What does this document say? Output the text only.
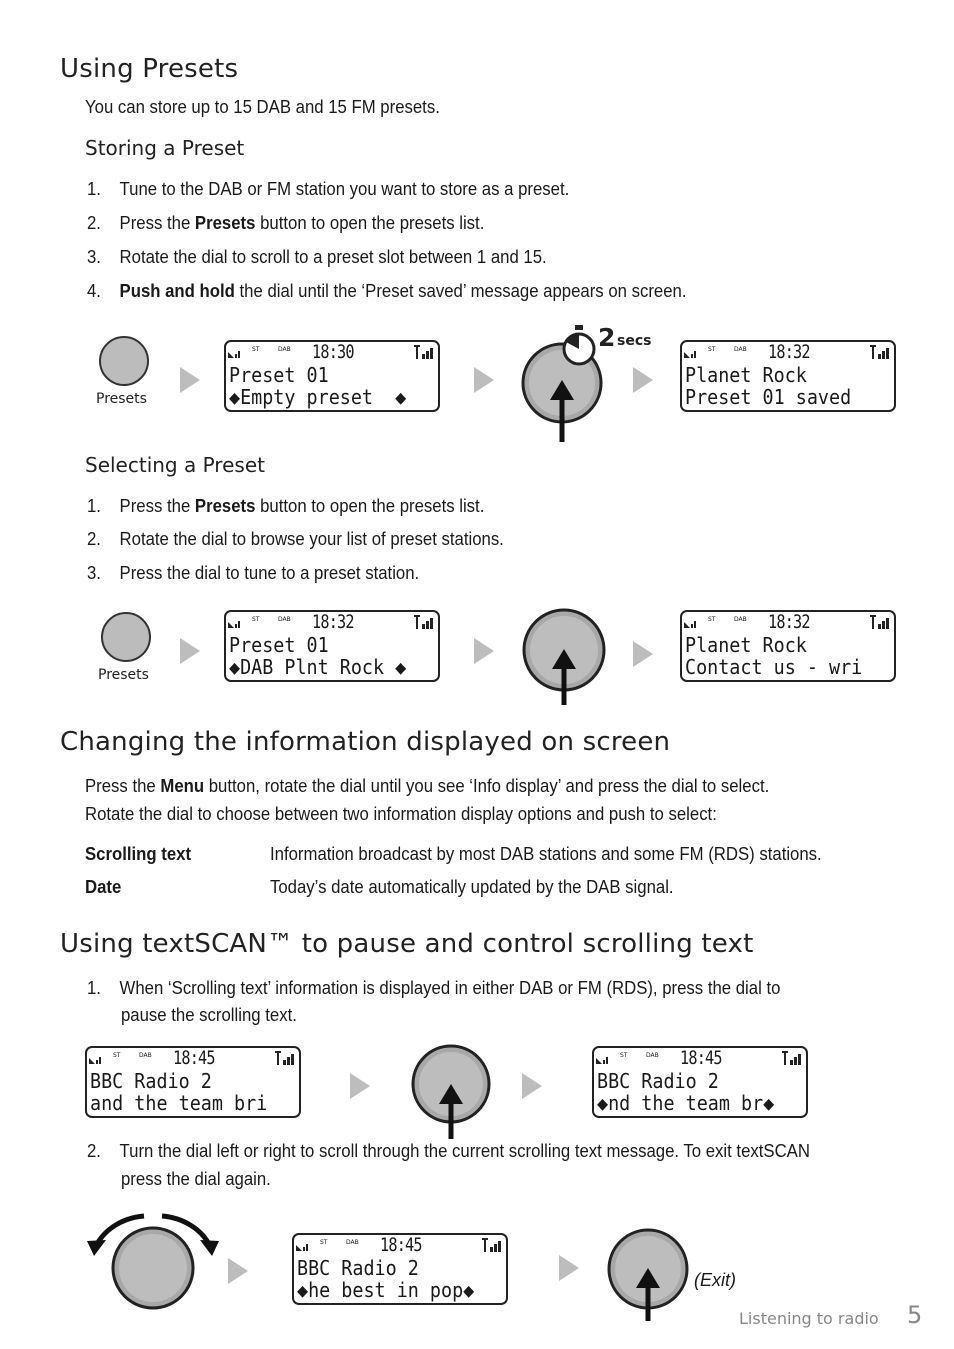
Using Presets
You can store up to 15 DAB and 15 FM presets.
Storing a Preset
1. Tune to the DAB or FM station you want to store as a preset.
2. Press the Presets button to open the presets list.
3. Rotate the dial to scroll to a preset slot between 1 and 15.
4. Push and hold the dial until the ‘Preset saved’ message appears on screen.
Presets
ST	DAB 18:30
Preset 01
◆Empty preset  ◆
2 secs
ST	DAB 18:32
Planet Rock
Preset 01 saved
Selecting a Preset
1. Press the Presets button to open the presets list.
2. Rotate the dial to browse your list of preset stations.
3. Press the dial to tune to a preset station.
Presets
ST	DAB 18:32
Preset 01
◆DAB Plnt Rock ◆
ST	DAB 18:32
Planet Rock
Contact us - wri
Changing the information displayed on screen
Press the Menu button, rotate the dial until you see ‘Info display’ and press the dial to select.
Rotate the dial to choose between two information display options and push to select:
Scrolling text	Information broadcast by most DAB stations and some FM (RDS) stations.
Date	Today’s date automatically updated by the DAB signal.
Using textSCAN™ to pause and control scrolling text
1. When ‘Scrolling text’ information is displayed in either DAB or FM (RDS), press the dial to
pause the scrolling text.
ST	DAB 18:45
BBC Radio 2
and the team bri
ST	DAB 18:45
BBC Radio 2
◆nd the team br◆
2. Turn the dial left or right to scroll through the current scrolling text message. To exit textSCAN
press the dial again.
ST	DAB 18:45
BBC Radio 2
◆he best in pop◆	(Exit)
Listening to radio 5
